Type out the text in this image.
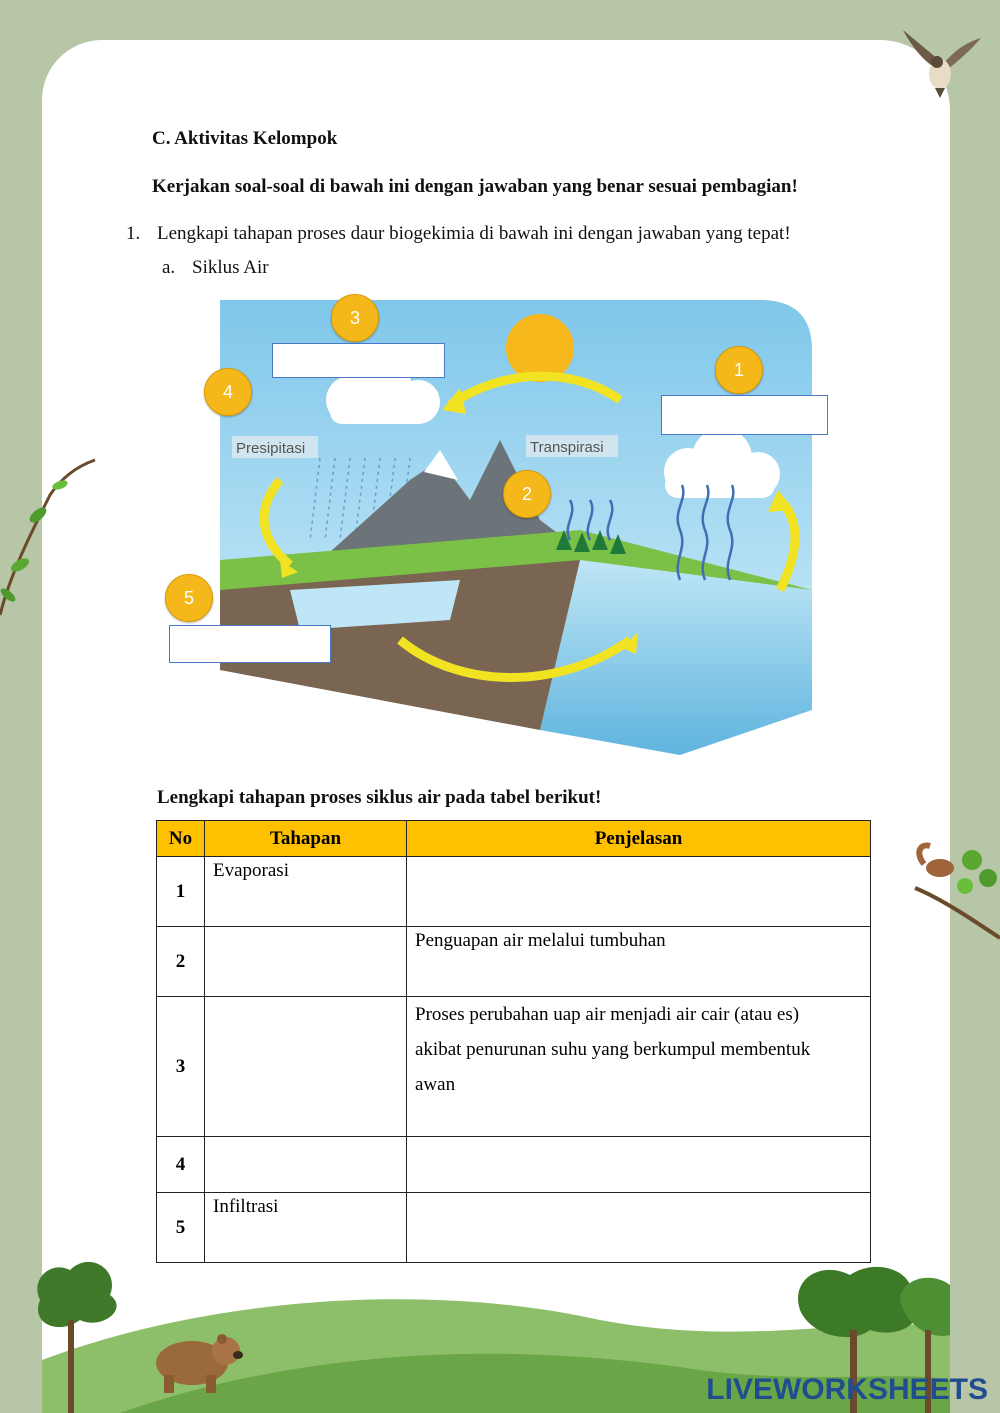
C. Aktivitas Kelompok
Kerjakan soal-soal di bawah ini dengan jawaban yang benar sesuai pembagian!
1. Lengkapi tahapan proses daur biogekimia di bawah ini dengan jawaban yang tepat!
a. Siklus Air
Presipitasi	Transpirasi
3
1
4
2
5
Lengkapi tahapan proses siklus air pada tabel berikut!
No	Tahapan	Penjelasan
1	Evaporasi	
2		Penguapan air melalui tumbuhan
3		Proses perubahan uap air menjadi air cair (atau es)
akibat penurunan suhu yang berkumpul membentuk
awan

4		
5	Infiltrasi	
LIVEWORKSHEETS
